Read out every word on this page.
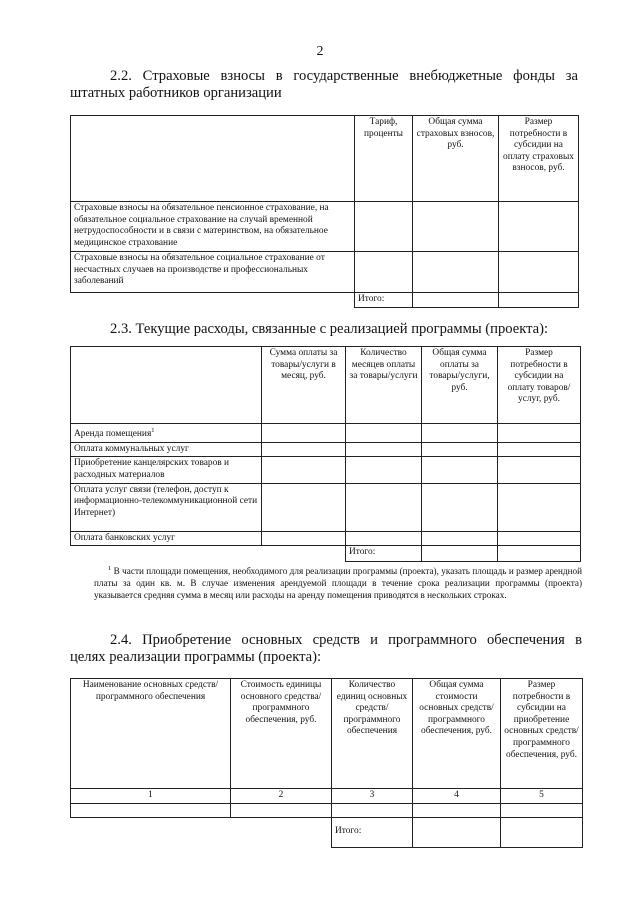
2
2.2. Страховые взносы в государственные внебюджетные фонды за
штатных работников организации
	Тариф, проценты	Общая сумма страховых взносов, руб.	Размер потребности в субсидии на оплату страховых взносов, руб.
Страховые взносы на обязательное пенсионное страхование, на обязательное социальное страхование на случай временной нетрудоспособности и в связи с материнством, на обязательное медицинское страхование			
Страховые взносы на обязательное социальное страхование от несчастных случаев на производстве и профессиональных заболеваний			
	Итого:		
2.3. Текущие расходы, связанные с реализацией программы (проекта):
	Сумма оплаты за товары/услуги в месяц, руб.	Количество месяцев оплаты за товары/услуги	Общая сумма оплаты за товары/услуги, руб.	Размер потребности в субсидии на оплату товаров/услуг, руб.
Аренда помещения$^1$				
Оплата коммунальных услуг				
Приобретение канцелярских товаров и расходных материалов				
Оплата услуг связи (телефон, доступ к информационно-телекоммуникационной сети Интернет)				
Оплата банковских услуг				
		Итого:		
$^1$ В части площади помещения, необходимого для реализации программы (проекта), указать площадь и размер арендной платы за один кв. м. В случае изменения арендуемой площади в течение срока реализации программы (проекта) указывается средняя сумма в месяц или расходы на аренду помещения приводятся в нескольких строках.
2.4. Приобретение основных средств и программного обеспечения в
целях реализации программы (проекта):
Наименование основных средств/ программного обеспечения	Стоимость единицы основного средства/ программного обеспечения, руб.	Количество единиц основных средств/ программного обеспечения	Общая сумма стоимости основных средств/ программного обеспечения, руб.	Размер потребности в субсидии на приобретение основных средств/ программного обеспечения, руб.
1	2	3	4	5

		Итого:		
